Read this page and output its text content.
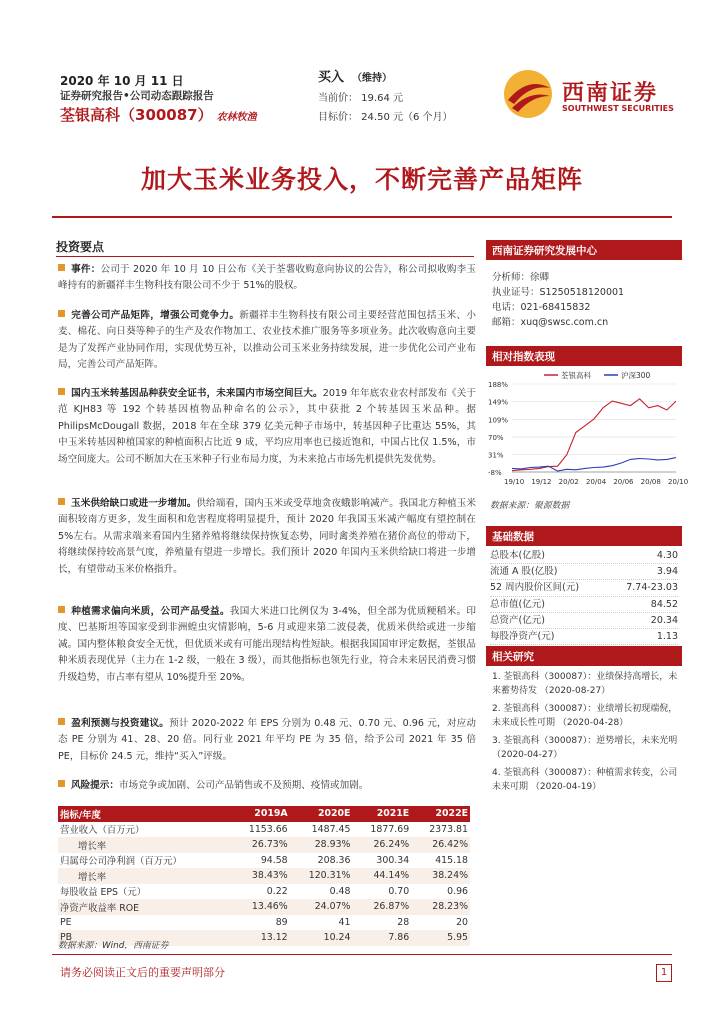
2020 年 10 月 11 日
证券研究报告•公司动态跟踪报告
荃银高科（300087） 农林牧渔
买入 （维持）
当前价： 19.64 元
目标价： 24.50 元（6 个月）
西南证券
SOUTHWEST SECURITIES
加大玉米业务投入，不断完善产品矩阵
投资要点
事件：公司于 2020 年 10 月 10 日公布《关于荃薯收购意向协议的公告》，称公司拟收购李玉峰持有的新疆祥丰生物科技有限公司不少于 51%的股权。
完善公司产品矩阵，增强公司竞争力。新疆祥丰生物科技有限公司主要经营范围包括玉米、小麦、棉花、向日葵等种子的生产及农作物加工、农业技术推广服务等多项业务。此次收购意向主要是为了发挥产业协同作用，实现优势互补，以推动公司玉米业务持续发展，进一步优化公司产业布局，完善公司产品矩阵。
国内玉米转基因品种获安全证书，未来国内市场空间巨大。2019 年年底农业农村部发布《关于范 KJH83 等 192 个转基因植物品种命名的公示》，其中获批 2 个转基因玉米品种。据 PhilipsMcDougall 数据，2018 年在全球 379 亿美元种子市场中，转基因种子比重达 55%，其中玉米转基因种植国家的种植面积占比近 9 成，平均应用率也已接近饱和，中国占比仅 1.5%，市场空间庞大。公司不断加大在玉米种子行业布局力度，为未来抢占市场先机提供先发优势。
玉米供给缺口或进一步增加。供给端看，国内玉米或受草地贪夜蛾影响减产。我国北方种植玉米面积较南方更多，发生面积和危害程度将明显提升，预计 2020 年我国玉米减产幅度有望控制在 5%左右。从需求端来看国内生猪养殖将继续保持恢复态势，同时禽类养殖在猪价高位的带动下，将继续保持较高景气度，养殖量有望进一步增长。我们预计 2020 年国内玉米供给缺口将进一步增长，有望带动玉米价格指升。
种植需求偏向米质，公司产品受益。我国大米进口比例仅为 3-4%，但全部为优质粳稻米。印度、巴基斯坦等国家受到非洲蝗虫灾情影响，5-6 月或迎来第二波侵袭，优质米供给或进一步缩减。国内整体粮食安全无忧，但优质米或有可能出现结构性短缺。根据我国国审评定数据，荃银品种米质表现优异（主力在 1-2 级，一般在 3 级），而其他指标也领先行业，符合未来居民消费习惯升级趋势，市占率有望从 10%提升至 20%。
盈利预测与投资建议。预计 2020-2022 年 EPS 分别为 0.48 元、0.70 元、0.96 元，对应动态 PE 分别为 41、28、20 倍。同行业 2021 年平均 PE 为 35 倍，给予公司 2021 年 35 倍 PE，目标价 24.5 元，维持“买入”评级。
风险提示：市场竞争或加剧、公司产品销售或不及预期、疫情或加剧。
指标/年度	2019A	2020E	2021E	2022E
营业收入（百万元）	1153.66	1487.45	1877.69	2373.81
增长率	26.73%	28.93%	26.24%	26.42%
归属母公司净利润（百万元）	94.58	208.36	300.34	415.18
增长率	38.43%	120.31%	44.14%	38.24%
每股收益 EPS（元）	0.22	0.48	0.70	0.96
净资产收益率 ROE	13.46%	24.07%	26.87%	28.23%
PE	89	41	28	20
PB	13.12	10.24	7.86	5.95
数据来源：Wind，西南证券
西南证券研究发展中心
分析师：徐卿
执业证号：S1250518120001
电话：021-68415832
邮箱：xuq@swsc.com.cn
相对指数表现
荃银高科	沪深300
188%
149%
109%
70%
31%
-8%
19/10 19/12 20/02 20/04 20/06 20/08 20/10
数据来源：聚源数据
基础数据
总股本(亿股)	4.30
流通 A 股(亿股)	3.94
52 周内股价区间(元)	7.74-23.03
总市值(亿元)	84.52
总资产(亿元)	20.34
每股净资产(元)	1.13
相关研究
1. 荃银高科（300087）：业绩保持高增长，未来蓄势待发 （2020-08-27）
2. 荃银高科（300087）：业绩增长初现端倪，未来成长性可期 （2020-04-28）
3. 荃银高科（300087）：逆势增长，未来光明 （2020-04-27）
4. 荃银高科（300087）：种植需求转变，公司未来可期 （2020-04-19）
请务必阅读正文后的重要声明部分	1
